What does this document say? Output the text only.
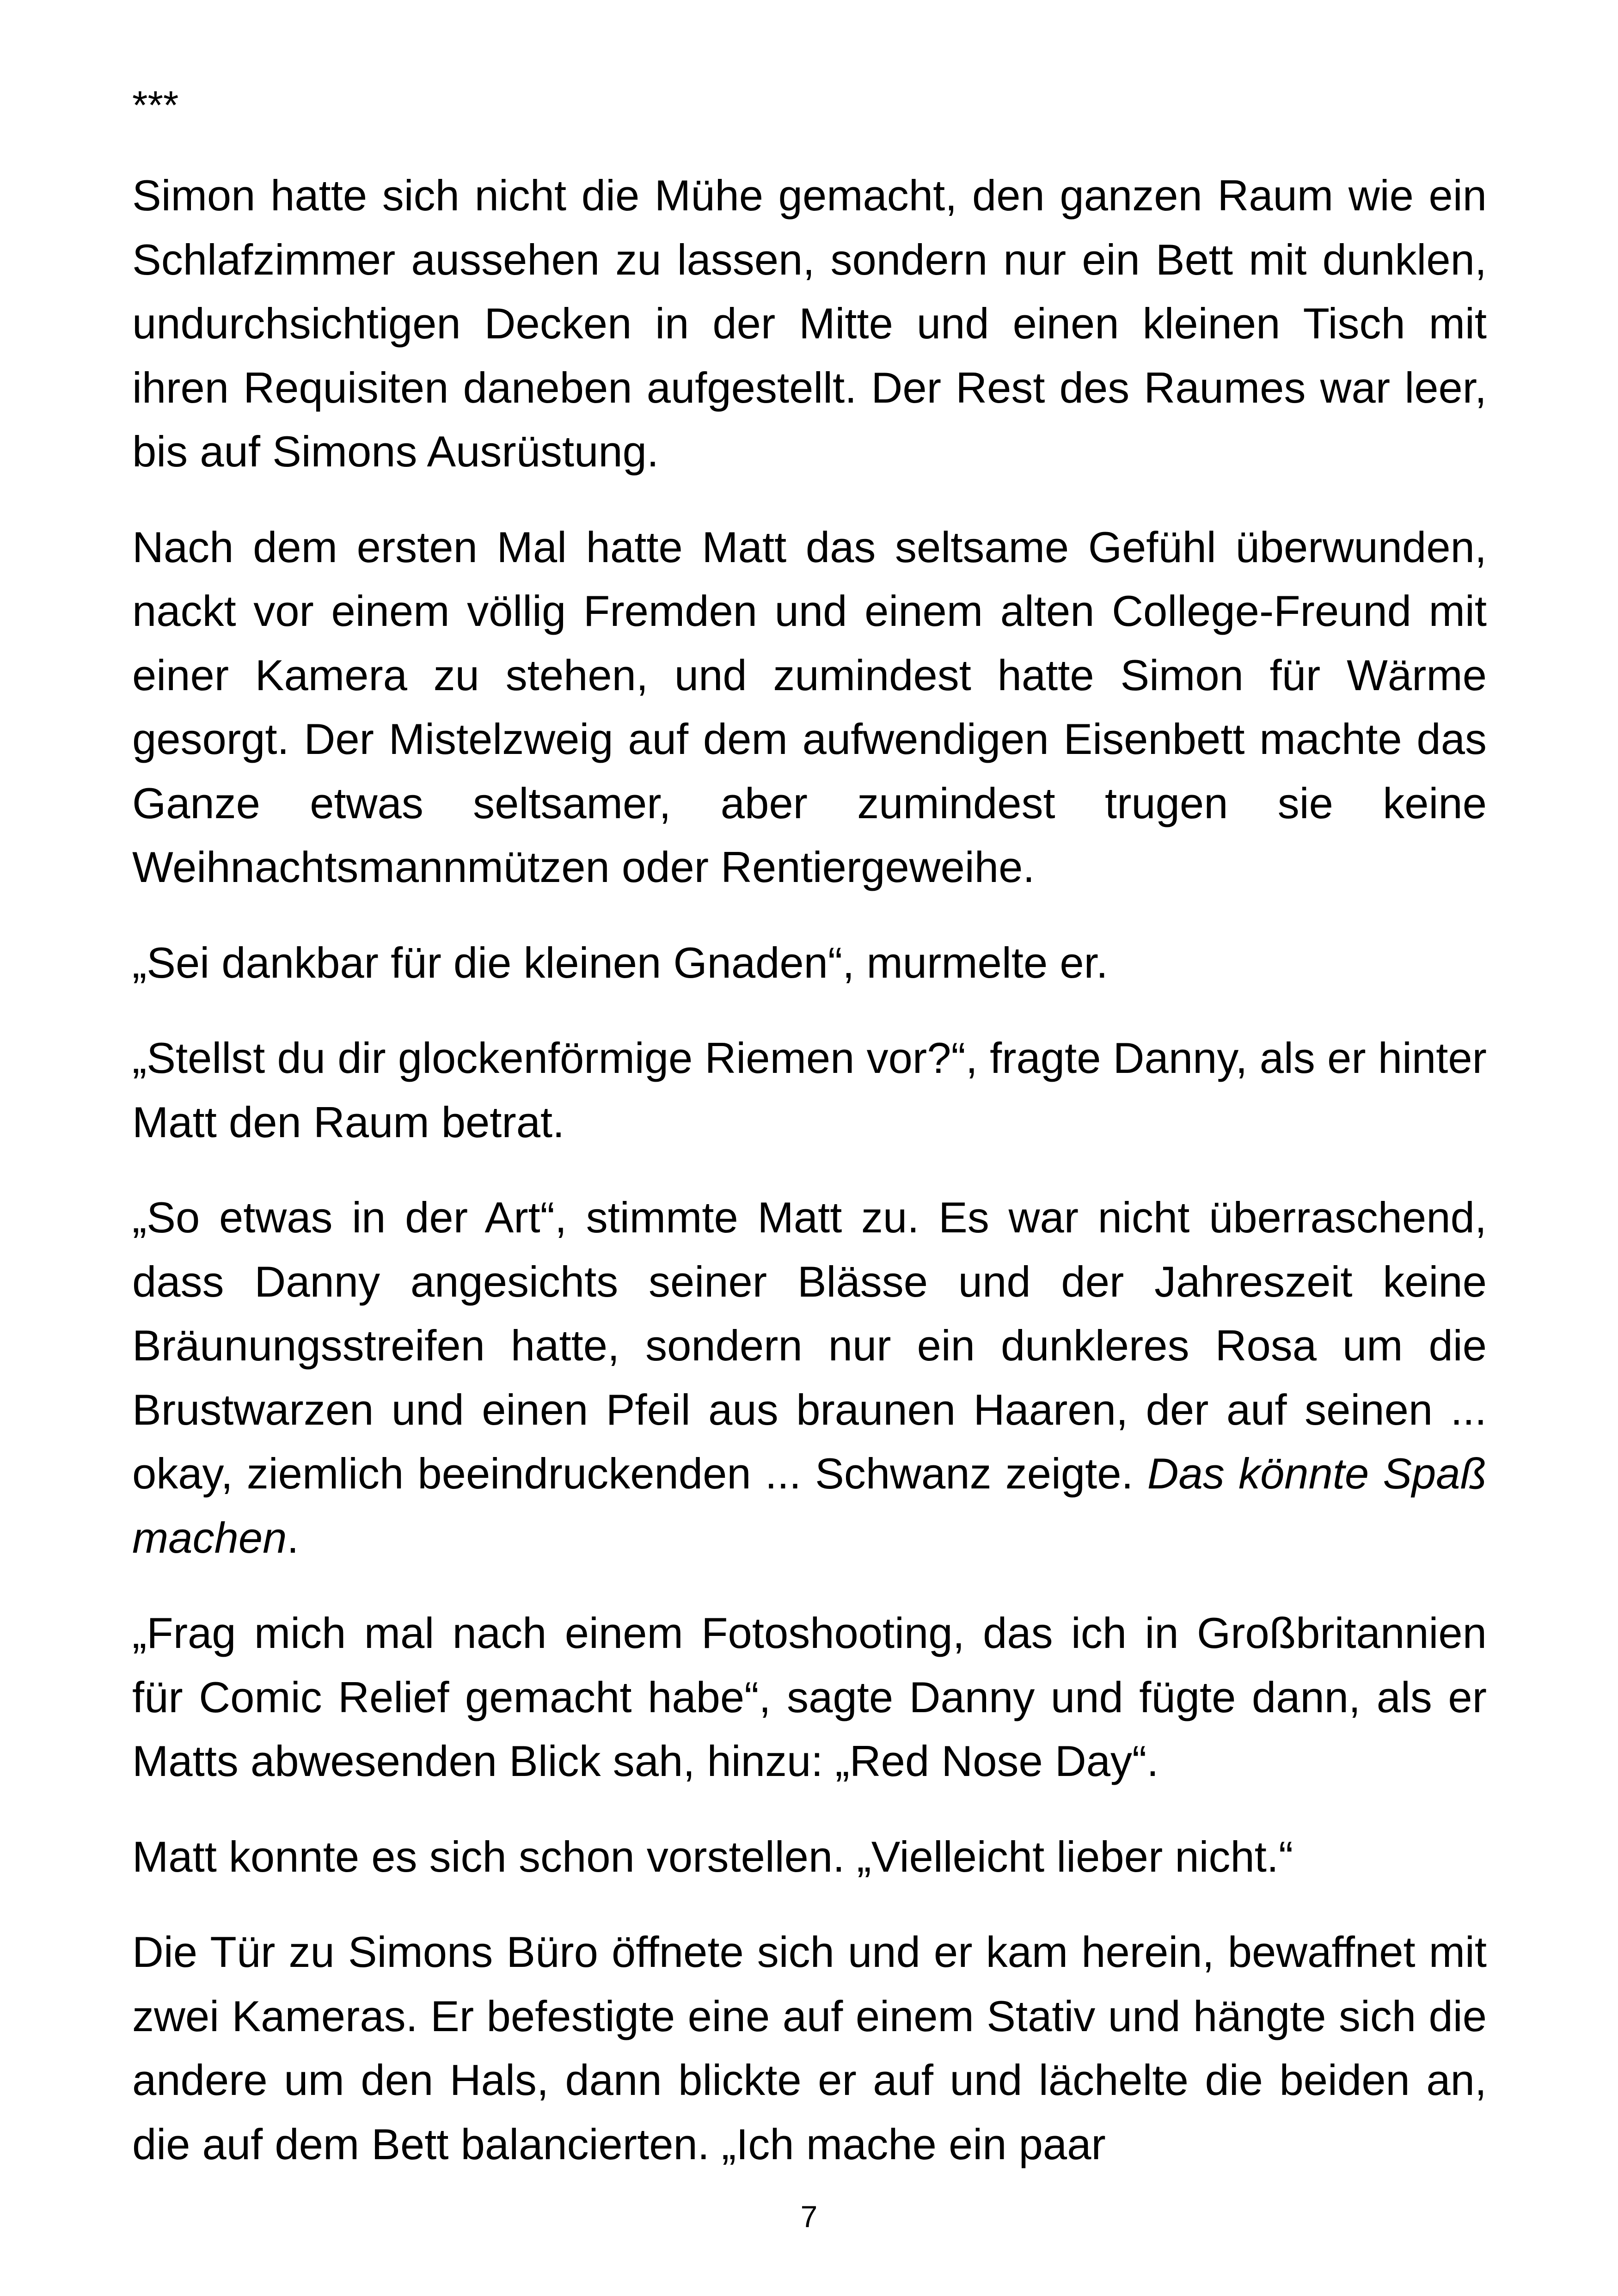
***

Simon hatte sich nicht die Mühe gemacht, den ganzen Raum wie ein Schlafzimmer aussehen zu lassen, sondern nur ein Bett mit dunklen, undurchsichtigen Decken in der Mitte und einen kleinen Tisch mit ihren Requisiten daneben aufgestellt. Der Rest des Raumes war leer, bis auf Simons Ausrüstung.

Nach dem ersten Mal hatte Matt das seltsame Gefühl überwunden, nackt vor einem völlig Fremden und einem alten College-Freund mit einer Kamera zu stehen, und zumindest hatte Simon für Wärme gesorgt. Der Mistelzweig auf dem aufwendigen Eisenbett machte das Ganze etwas seltsamer, aber zumindest trugen sie keine Weihnachtsmannmützen oder Rentiergeweihe.

„Sei dankbar für die kleinen Gnaden“, murmelte er.

„Stellst du dir glockenförmige Riemen vor?“, fragte Danny, als er hinter Matt den Raum betrat.

„So etwas in der Art“, stimmte Matt zu. Es war nicht überraschend, dass Danny angesichts seiner Blässe und der Jahreszeit keine Bräunungsstreifen hatte, sondern nur ein dunkleres Rosa um die Brustwarzen und einen Pfeil aus braunen Haaren, der auf seinen ... okay, ziemlich beeindruckenden ... Schwanz zeigte. Das könnte Spaß machen.

„Frag mich mal nach einem Fotoshooting, das ich in Großbritannien für Comic Relief gemacht habe“, sagte Danny und fügte dann, als er Matts abwesenden Blick sah, hinzu: „Red Nose Day“.

Matt konnte es sich schon vorstellen. „Vielleicht lieber nicht.“

Die Tür zu Simons Büro öffnete sich und er kam herein, bewaffnet mit zwei Kameras. Er befestigte eine auf einem Stativ und hängte sich die andere um den Hals, dann blickte er auf und lächelte die beiden an, die auf dem Bett balancierten. „Ich mache ein paar

7
